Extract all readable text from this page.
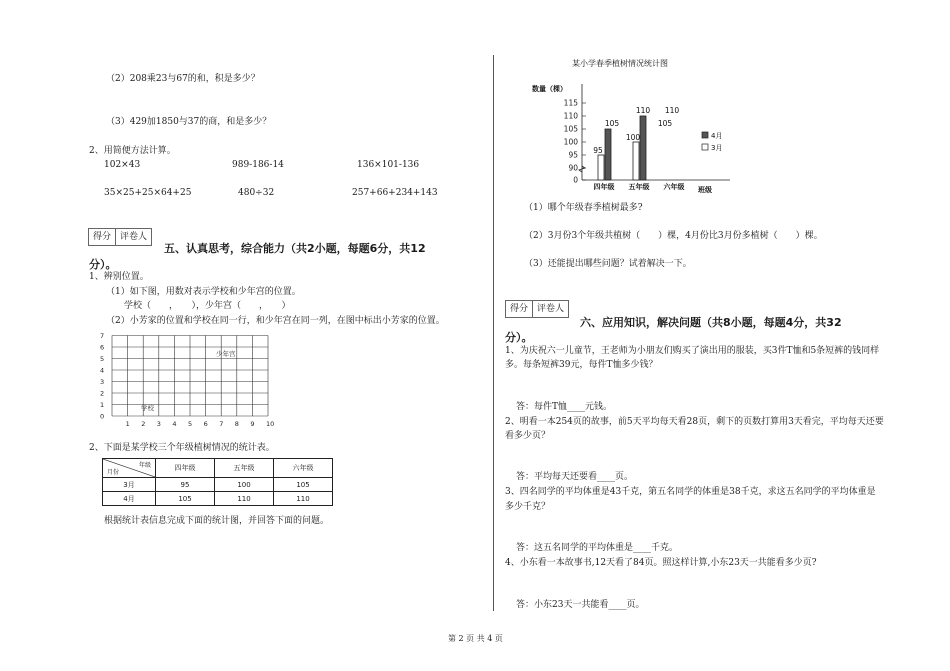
（2）208乘23与67的和，积是多少？
（3）429加1850与37的商，和是多少？
2、用简便方法计算。
102×43	989-186-14	136×101-136
35×25+25×64+25	480÷32	257+66+234+143
得分	评卷人
五、认真思考，综合能力（共2小题，每题6分，共12
分）。
1、辨别位置。
（1）如下图，用数对表示学校和少年宫的位置。
学校（　　，　　），少年宫（　　，　　）
（2）小芳家的位置和学校在同一行，和少年宫在同一列，在图中标出小芳家的位置。
7
6
5
4
3
2
1
0
1 2 3 4 5 6 7 8 9 10
学校
少年宫
2、下面是某学校三个年级植树情况的统计表。
年级
月份	四年级	五年级	六年级
3月	95	100	105
4月	105	110	110
根据统计表信息完成下面的统计图，并回答下面的问题。
某小学春季植树情况统计图
数量（棵）
班级
0
90
95
100
105
110
115
95
105
100
110 110
105
四年级 五年级 六年级
4月
3月
（1）哪个年级春季植树最多?
（2）3月份3个年级共植树（　　）棵，4月份比3月份多植树（　　）棵。
（3）还能提出哪些问题？试着解决一下。
得分	评卷人
六、应用知识，解决问题（共8小题，每题4分，共32
分）。
1、为庆祝六一儿童节，王老师为小朋友们购买了演出用的服装，买3件T恤和5条短裤的钱同样
多。每条短裤39元，每件T恤多少钱？
答：每件T恤____元钱。
2、明看一本254页的故事，前5天平均每天看28页，剩下的页数打算用3天看完，平均每天还要
看多少页？
答：平均每天还要看____页。
3、四名同学的平均体重是43千克，第五名同学的体重是38千克，求这五名同学的平均体重是
多少千克？
答：这五名同学的平均体重是____千克。
4、小东看一本故事书,12天看了84页。照这样计算,小东23天一共能看多少页?
答：小东23天一共能看____页。
第 2 页 共 4 页
